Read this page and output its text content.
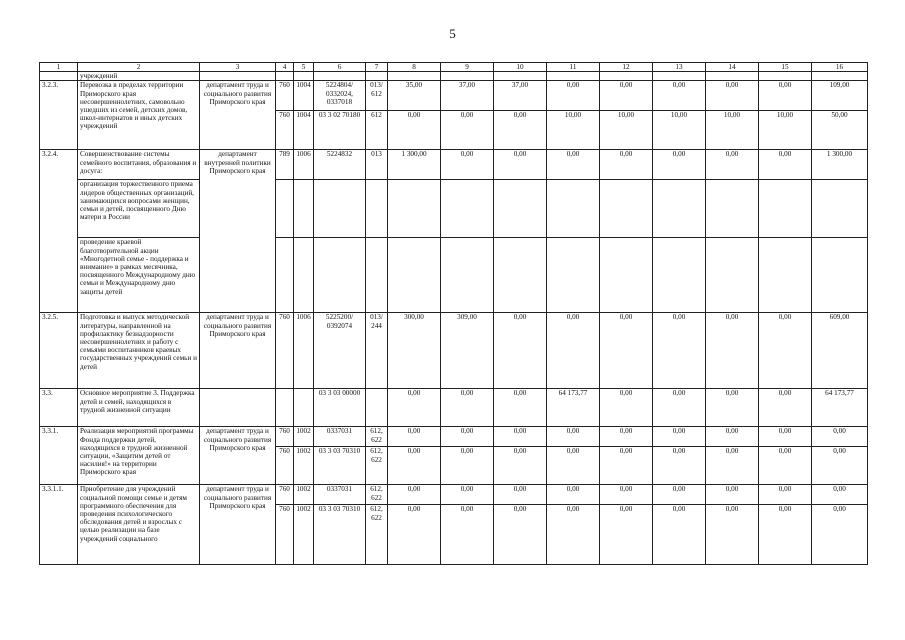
5
1	2	3	4	5	6	7	8	9	10	11	12	13	14	15	16
	учреждений														
3.2.3.	Перевозка в пределах территории Приморского края несовершеннолетних, самовольно ушедших из семей, детских домов, школ-интернатов и иных детских учреждений	департамент труда и социального развития Приморского края	760	1004	5224804/ 0332024, 0337018	013/ 612	35,00	37,00	37,00	0,00	0,00	0,00	0,00	0,00	109,00
			760	1004	03 3 02 70180	612	0,00	0,00	0,00	10,00	10,00	10,00	10,00	10,00	50,00
3.2.4.	Совершенствование системы семейного воспитания, образования и досуга:	департамент внутренней политики Приморского края	789	1006	5224832	013	1 300,00	0,00	0,00	0,00	0,00	0,00	0,00	0,00	1 300,00
	организация торжественного приема лидеров общественных организаций, занимающихся вопросами женщин, семьи и детей, посвященного Дню матери в России														
	проведение краевой благотворительной акции «Многодетной семье - поддержка и внимание» в рамках месячника, посвященного Международному дню семьи и Международному дню защиты детей														
3.2.5.	Подготовка и выпуск методической литературы, направленной на профилактику безнадзорности несовершеннолетних и работу с семьями воспитанников краевых государственных учреждений семьи и детей	департамент труда и социального развития Приморского края	760	1006	5225200/ 0392074	013/ 244	300,00	309,00	0,00	0,00	0,00	0,00	0,00	0,00	609,00
3.3.	Основное мероприятие 3. Поддержка детей и семей, находящихся в трудной жизненной ситуации				03 3 03 00000		0,00	0,00	0,00	64 173,77	0,00	0,00	0,00	0,00	64 173,77
3.3.1.	Реализация мероприятий программы Фонда поддержки детей, находящихся в трудной жизненной ситуации, «Защитим детей от насилия!» на территории Приморского края	департамент труда и социального развития Приморского края	760	1002	0337031	612, 622	0,00	0,00	0,00	0,00	0,00	0,00	0,00	0,00	0,00
			760	1002	03 3 03 70310	612, 622	0,00	0,00	0,00	0,00	0,00	0,00	0,00	0,00	0,00
3.3.1.1.	Приобретение для учреждений социальной помощи семье и детям программного обеспечения для проведения психологического обследования детей и взрослых с целью реализации на базе учреждений социального	департамент труда и социального развития Приморского края	760	1002	0337031	612, 622	0,00	0,00	0,00	0,00	0,00	0,00	0,00	0,00	0,00
			760	1002	03 3 03 70310	612, 622	0,00	0,00	0,00	0,00	0,00	0,00	0,00	0,00	0,00
